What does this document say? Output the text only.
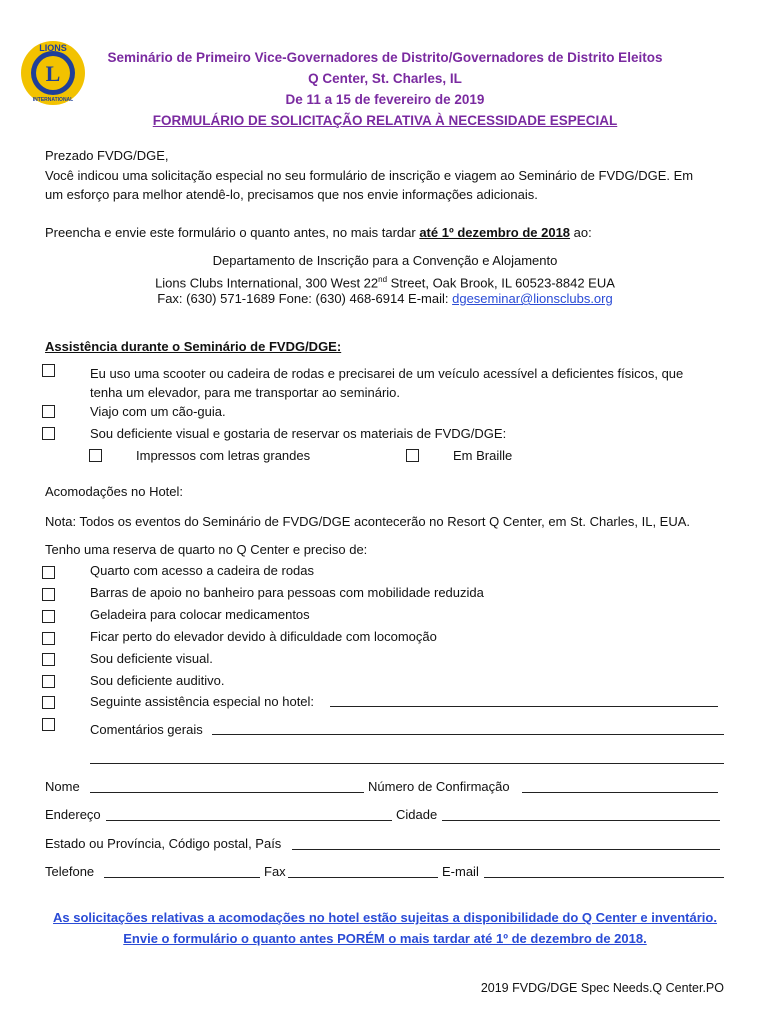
LIONS
L
INTERNATIONAL
Seminário de Primeiro Vice-Governadores de Distrito/Governadores de Distrito Eleitos
Q Center, St. Charles, IL
De 11 a 15 de fevereiro de 2019
FORMULÁRIO DE SOLICITAÇÃO RELATIVA À NECESSIDADE ESPECIAL
Prezado FVDG/DGE,
Você indicou uma solicitação especial no seu formulário de inscrição e viagem ao Seminário de FVDG/DGE. Em
um esforço para melhor atendê-lo, precisamos que nos envie informações adicionais.
Preencha e envie este formulário o quanto antes, no mais tardar até 1º dezembro de 2018 ao:
Departamento de Inscrição para a Convenção e Alojamento
Lions Clubs International, 300 West 22nd Street, Oak Brook, IL 60523-8842 EUA
Fax: (630) 571-1689 Fone: (630) 468-6914 E-mail: dgeseminar@lionsclubs.org
Assistência durante o Seminário de FVDG/DGE:
Eu uso uma scooter ou cadeira de rodas e precisarei de um veículo acessível a deficientes físicos, que
tenha um elevador, para me transportar ao seminário.
Viajo com um cão-guia.
Sou deficiente visual e gostaria de reservar os materiais de FVDG/DGE:
Impressos com letras grandes	Em Braille
Acomodações no Hotel:
Nota: Todos os eventos do Seminário de FVDG/DGE acontecerão no Resort Q Center, em St. Charles, IL, EUA.
Tenho uma reserva de quarto no Q Center e preciso de:
Quarto com acesso a cadeira de rodas
Barras de apoio no banheiro para pessoas com mobilidade reduzida
Geladeira para colocar medicamentos
Ficar perto do elevador devido à dificuldade com locomoção
Sou deficiente visual.
Sou deficiente auditivo.
Seguinte assistência especial no hotel:
Comentários gerais
Nome	Número de Confirmação
Endereço	Cidade
Estado ou Província, Código postal, País
Telefone	Fax	E-mail
As solicitações relativas a acomodações no hotel estão sujeitas a disponibilidade do Q Center e inventário.
Envie o formulário o quanto antes PORÉM o mais tardar até 1º de dezembro de 2018.
2019 FVDG/DGE Spec Needs.Q Center.PO
